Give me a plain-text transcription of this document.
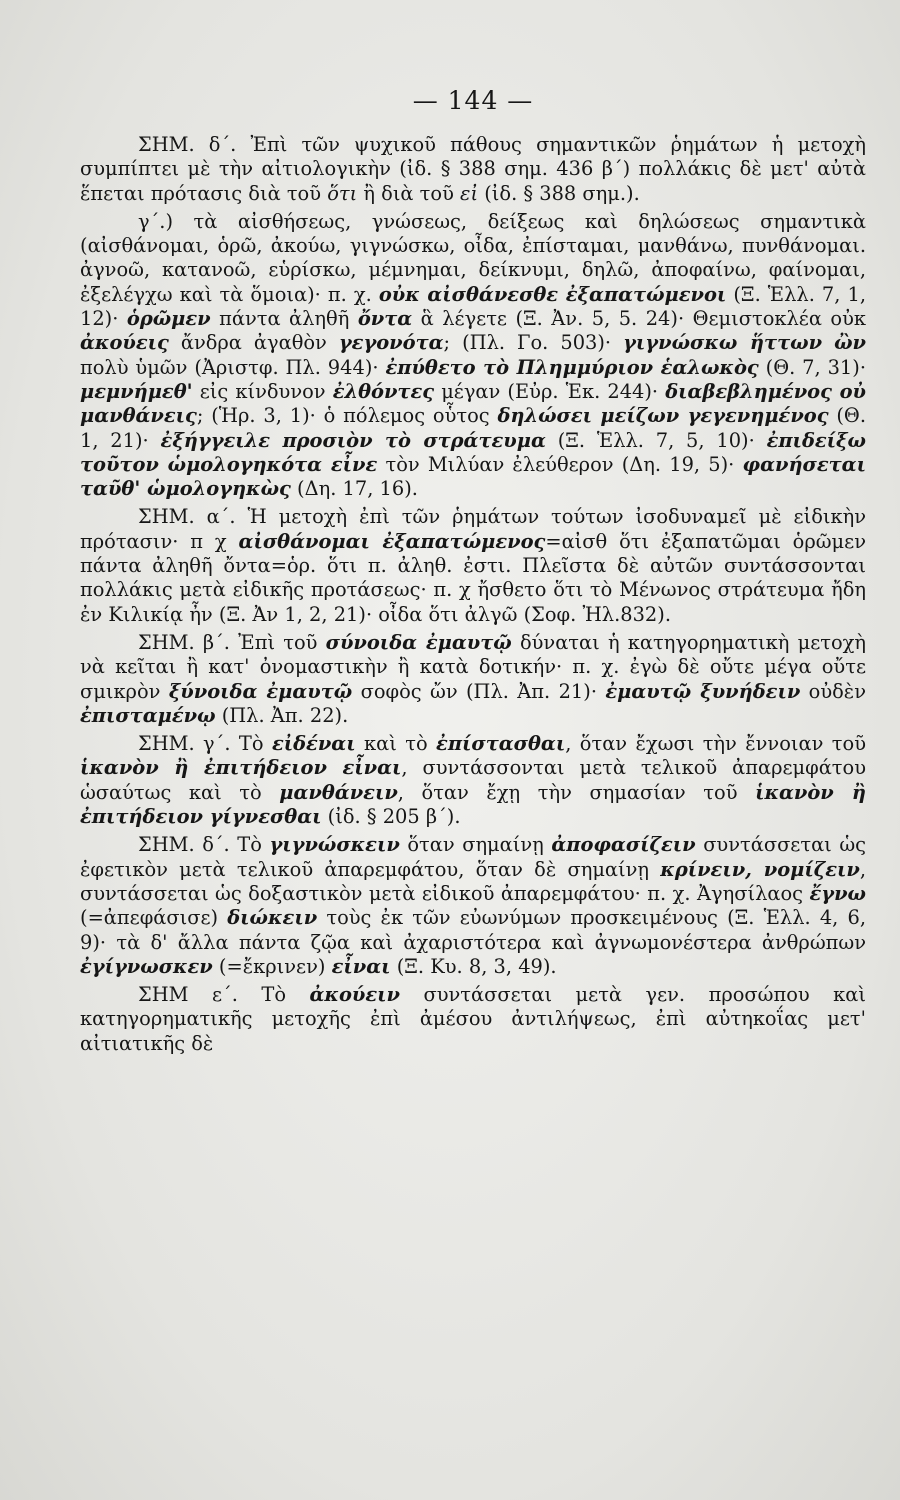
— 144 —

ΣΗΜ. δ΄. Ἐπὶ τῶν ψυχικοῦ πάθους σημαντικῶν ῥημάτων ἡ μετοχὴ συμπίπτει μὲ τὴν αἰτιολογικὴν (ἰδ. § 388 σημ. 436 β΄) πολλάκις δὲ μετ' αὐτὰ ἕπεται πρότασις διὰ τοῦ ὅτι ἢ διὰ τοῦ εἰ (ἰδ. § 388 σημ.).

γ΄.) τὰ αἰσθήσεως, γνώσεως, δείξεως καὶ δηλώσεως σημαντικὰ (αἰσθάνομαι, ὁρῶ, ἀκούω, γιγνώσκω, οἶδα, ἐπίσταμαι, μανθάνω, πυνθάνομαι. ἀγνοῶ, κατανοῶ, εὑρίσκω, μέμνημαι, δείκνυμι, δηλῶ, ἀποφαίνω, φαίνομαι, ἐξελέγχω καὶ τὰ ὅμοια)· π. χ. οὐκ αἰσθάνεσθε ἐξαπατώμενοι (Ξ. Ἑλλ. 7, 1, 12)· ὁρῶμεν πάντα ἀληθῆ ὄντα ἃ λέγετε (Ξ. Ἀν. 5, 5. 24)· Θεμιστοκλέα οὐκ ἀκούεις ἄνδρα ἀγαθὸν γεγονότα; (Πλ. Γο. 503)· γιγνώσκω ἥττων ὢν πολὺ ὑμῶν (Ἀριστφ. Πλ. 944)· ἐπύθετο τὸ Πλημμύριον ἑαλωκὸς (Θ. 7, 31)· μεμνήμεθ' εἰς κίνδυνον ἐλθόντες μέγαν (Εὐρ. Ἑκ. 244)· διαβεβλημένος οὐ μανθάνεις; (Ἡρ. 3, 1)· ὁ πόλεμος οὗτος δηλώσει μείζων γεγενημένος (Θ. 1, 21)· ἐξήγγειλε προσιὸν τὸ στράτευμα (Ξ. Ἑλλ. 7, 5, 10)· ἐπιδείξω τοῦτον ὡμολογηκότα εἶνε τὸν Μιλύαν ἐλεύθερον (Δη. 19, 5)· φανήσεται ταῦθ' ὡμολογηκὼς (Δη. 17, 16).

ΣΗΜ. α΄. Ἡ μετοχὴ ἐπὶ τῶν ῥημάτων τούτων ἰσοδυναμεῖ μὲ εἰδικὴν πρότασιν· π χ αἰσθάνομαι ἐξαπατώμενος=αἰσθ ὅτι ἐξαπατῶμαι ὁρῶμεν πάντα ἀληθῆ ὄντα=ὁρ. ὅτι π. ἀληθ. ἐστι. Πλεῖστα δὲ αὐτῶν συντάσσονται πολλάκις μετὰ εἰδικῆς προτάσεως· π. χ ἤσθετο ὅτι τὸ Μένωνος στράτευμα ἤδη ἐν Κιλικίᾳ ἦν (Ξ. Ἀν 1, 2, 21)· οἶδα ὅτι ἀλγῶ (Σοφ. Ἠλ.832).

ΣΗΜ. β΄. Ἐπὶ τοῦ σύνοιδα ἐμαυτῷ δύναται ἡ κατηγορηματικὴ μετοχὴ νὰ κεῖται ἢ κατ' ὀνομαστικὴν ἢ κατὰ δοτικήν· π. χ. ἐγὼ δὲ οὔτε μέγα οὔτε σμικρὸν ξύνοιδα ἐμαυτῷ σοφὸς ὤν (Πλ. Ἀπ. 21)· ἐμαυτῷ ξυνήδειν οὐδὲν ἐπισταμένῳ (Πλ. Ἀπ. 22).

ΣΗΜ. γ΄. Τὸ εἰδέναι καὶ τὸ ἐπίστασθαι, ὅταν ἔχωσι τὴν ἔννοιαν τοῦ ἱκανὸν ἢ ἐπιτήδειον εἶναι, συντάσσονται μετὰ τελικοῦ ἀπαρεμφάτου ὡσαύτως καὶ τὸ μανθάνειν, ὅταν ἔχῃ τὴν σημασίαν τοῦ ἱκανὸν ἢ ἐπιτήδειον γίγνεσθαι (ἰδ. § 205 β΄).

ΣΗΜ. δ΄. Τὸ γιγνώσκειν ὅταν σημαίνῃ ἀποφασίζειν συντάσσεται ὡς ἐφετικὸν μετὰ τελικοῦ ἀπαρεμφάτου, ὅταν δὲ σημαίνῃ κρίνειν, νομίζειν, συντάσσεται ὡς δοξαστικὸν μετὰ εἰδικοῦ ἀπαρεμφάτου· π. χ. Ἀγησίλαος ἔγνω (=ἀπεφάσισε) διώκειν τοὺς ἐκ τῶν εὐωνύμων προσκειμένους (Ξ. Ἑλλ. 4, 6, 9)· τὰ δ' ἄλλα πάντα ζῷα καὶ ἀχαριστότερα καὶ ἀγνωμονέστερα ἀνθρώπων ἐγίγνωσκεν (=ἔκρινεν) εἶναι (Ξ. Κυ. 8, 3, 49).

ΣΗΜ ε΄. Τὸ ἀκούειν συντάσσεται μετὰ γεν. προσώπου καὶ κατηγορηματικῆς μετοχῆς ἐπὶ ἀμέσου ἀντιλήψεως, ἐπὶ αὐτηκοΐας μετ' αἰτιατικῆς δὲ
